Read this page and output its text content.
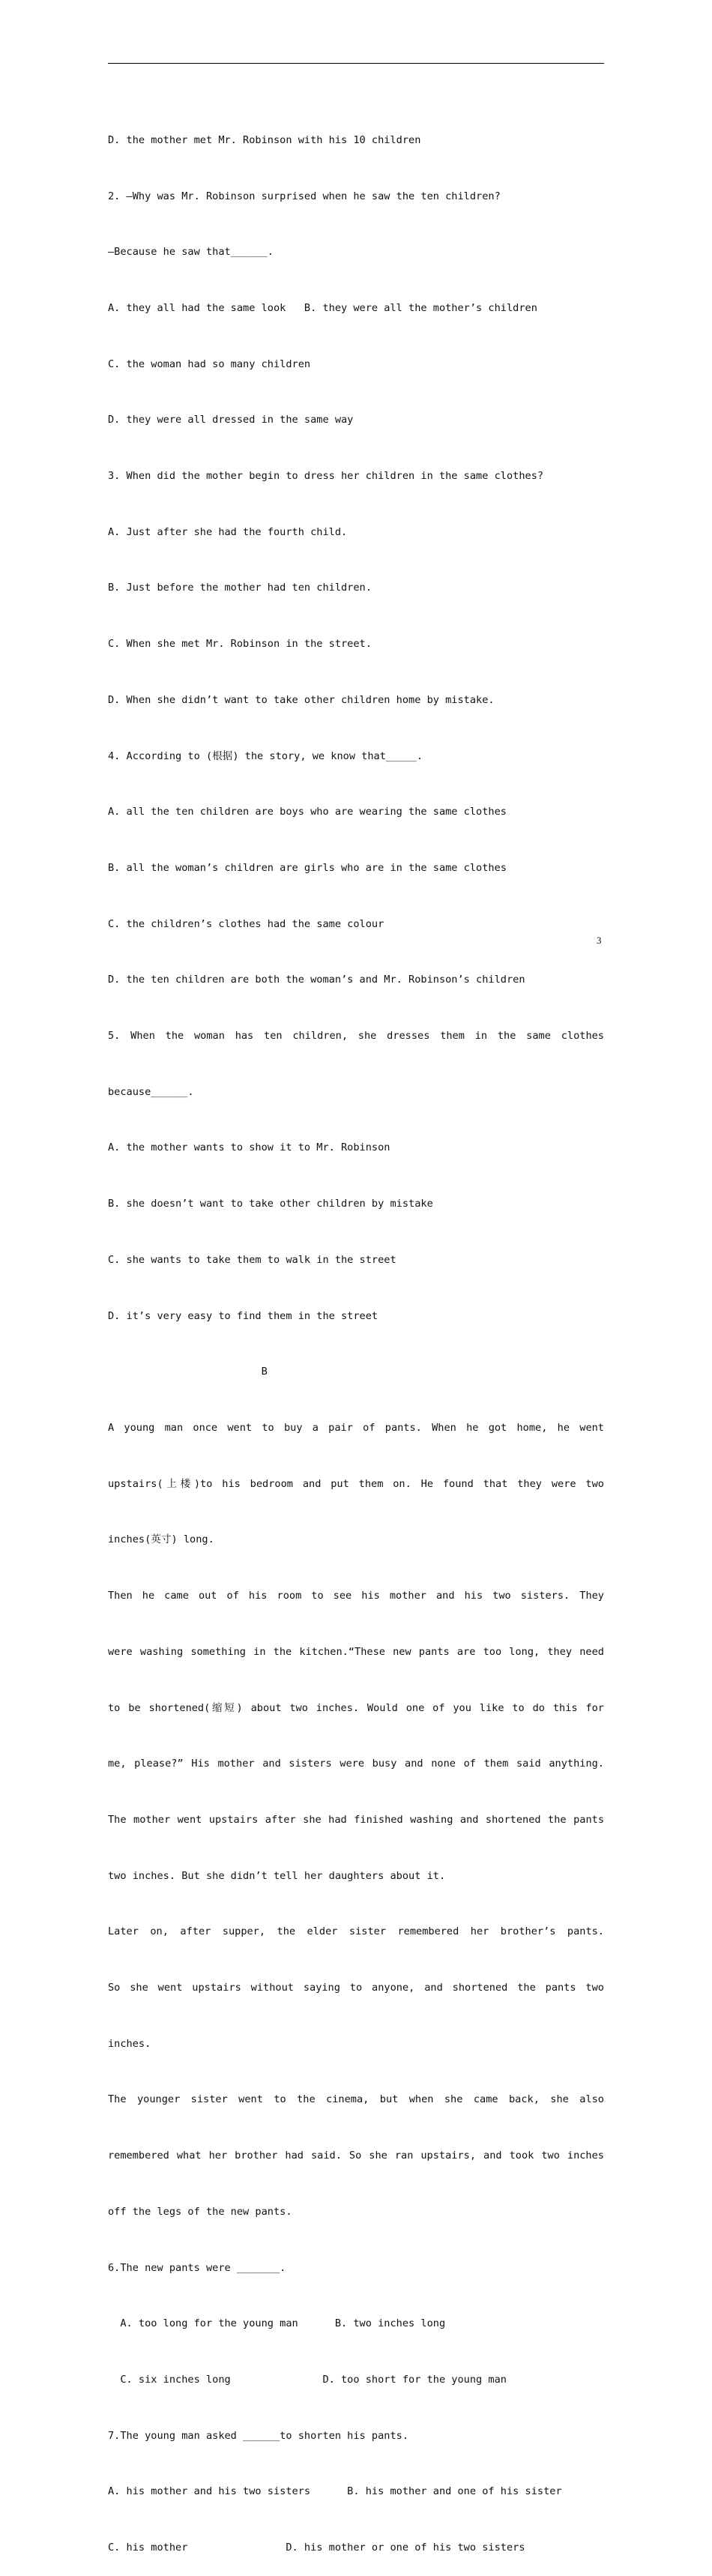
D. the mother met Mr. Robinson with his 10 children

2. —Why was Mr. Robinson surprised when he saw the ten children?

—Because he saw that______.

A. they all had the same look   B. they were all the mother’s children

C. the woman had so many children

D. they were all dressed in the same way

3. When did the mother begin to dress her children in the same clothes?

A. Just after she had the fourth child.

B. Just before the mother had ten children.

C. When she met Mr. Robinson in the street.

D. When she didn’t want to take other children home by mistake.

4. According to (根据) the story, we know that_____.

A. all the ten children are boys who are wearing the same clothes

B. all the woman’s children are girls who are in the same clothes

C. the children’s clothes had the same colour

D. the ten children are both the woman’s and Mr. Robinson’s children

5. When the woman has ten children, she dresses them in the same clothes

because______.

A. the mother wants to show it to Mr. Robinson

B. she doesn’t want to take other children by mistake

C. she wants to take them to walk in the street

D. it’s very easy to find them in the street

B

A young man once went to buy a pair of pants. When he got home, he went

upstairs(上楼)to his bedroom and put them on. He found that they were two

inches(英寸) long.

Then he came out of his room to see his mother and his two sisters. They

were washing something in the kitchen.“These new pants are too long, they need

to be shortened(缩短) about two inches. Would one of you like to do this for

me, please?” His mother and sisters were busy and none of them said anything.

The mother went upstairs after she had finished washing and shortened the pants

two inches. But she didn’t tell her daughters about it.

Later on, after supper, the elder sister remembered her brother’s pants.

So she went upstairs without saying to anyone, and shortened the pants two

inches.

The younger sister went to the cinema, but when she came back, she also

remembered what her brother had said. So she ran upstairs, and took two inches

off the legs of the new pants.

6.The new pants were _______.

A. too long for the young man      B. two inches long

C. six inches long               D. too short for the young man

7.The young man asked ______to shorten his pants.

A. his mother and his two sisters      B. his mother and one of his sister

C. his mother                D. his mother or one of his two sisters

3
